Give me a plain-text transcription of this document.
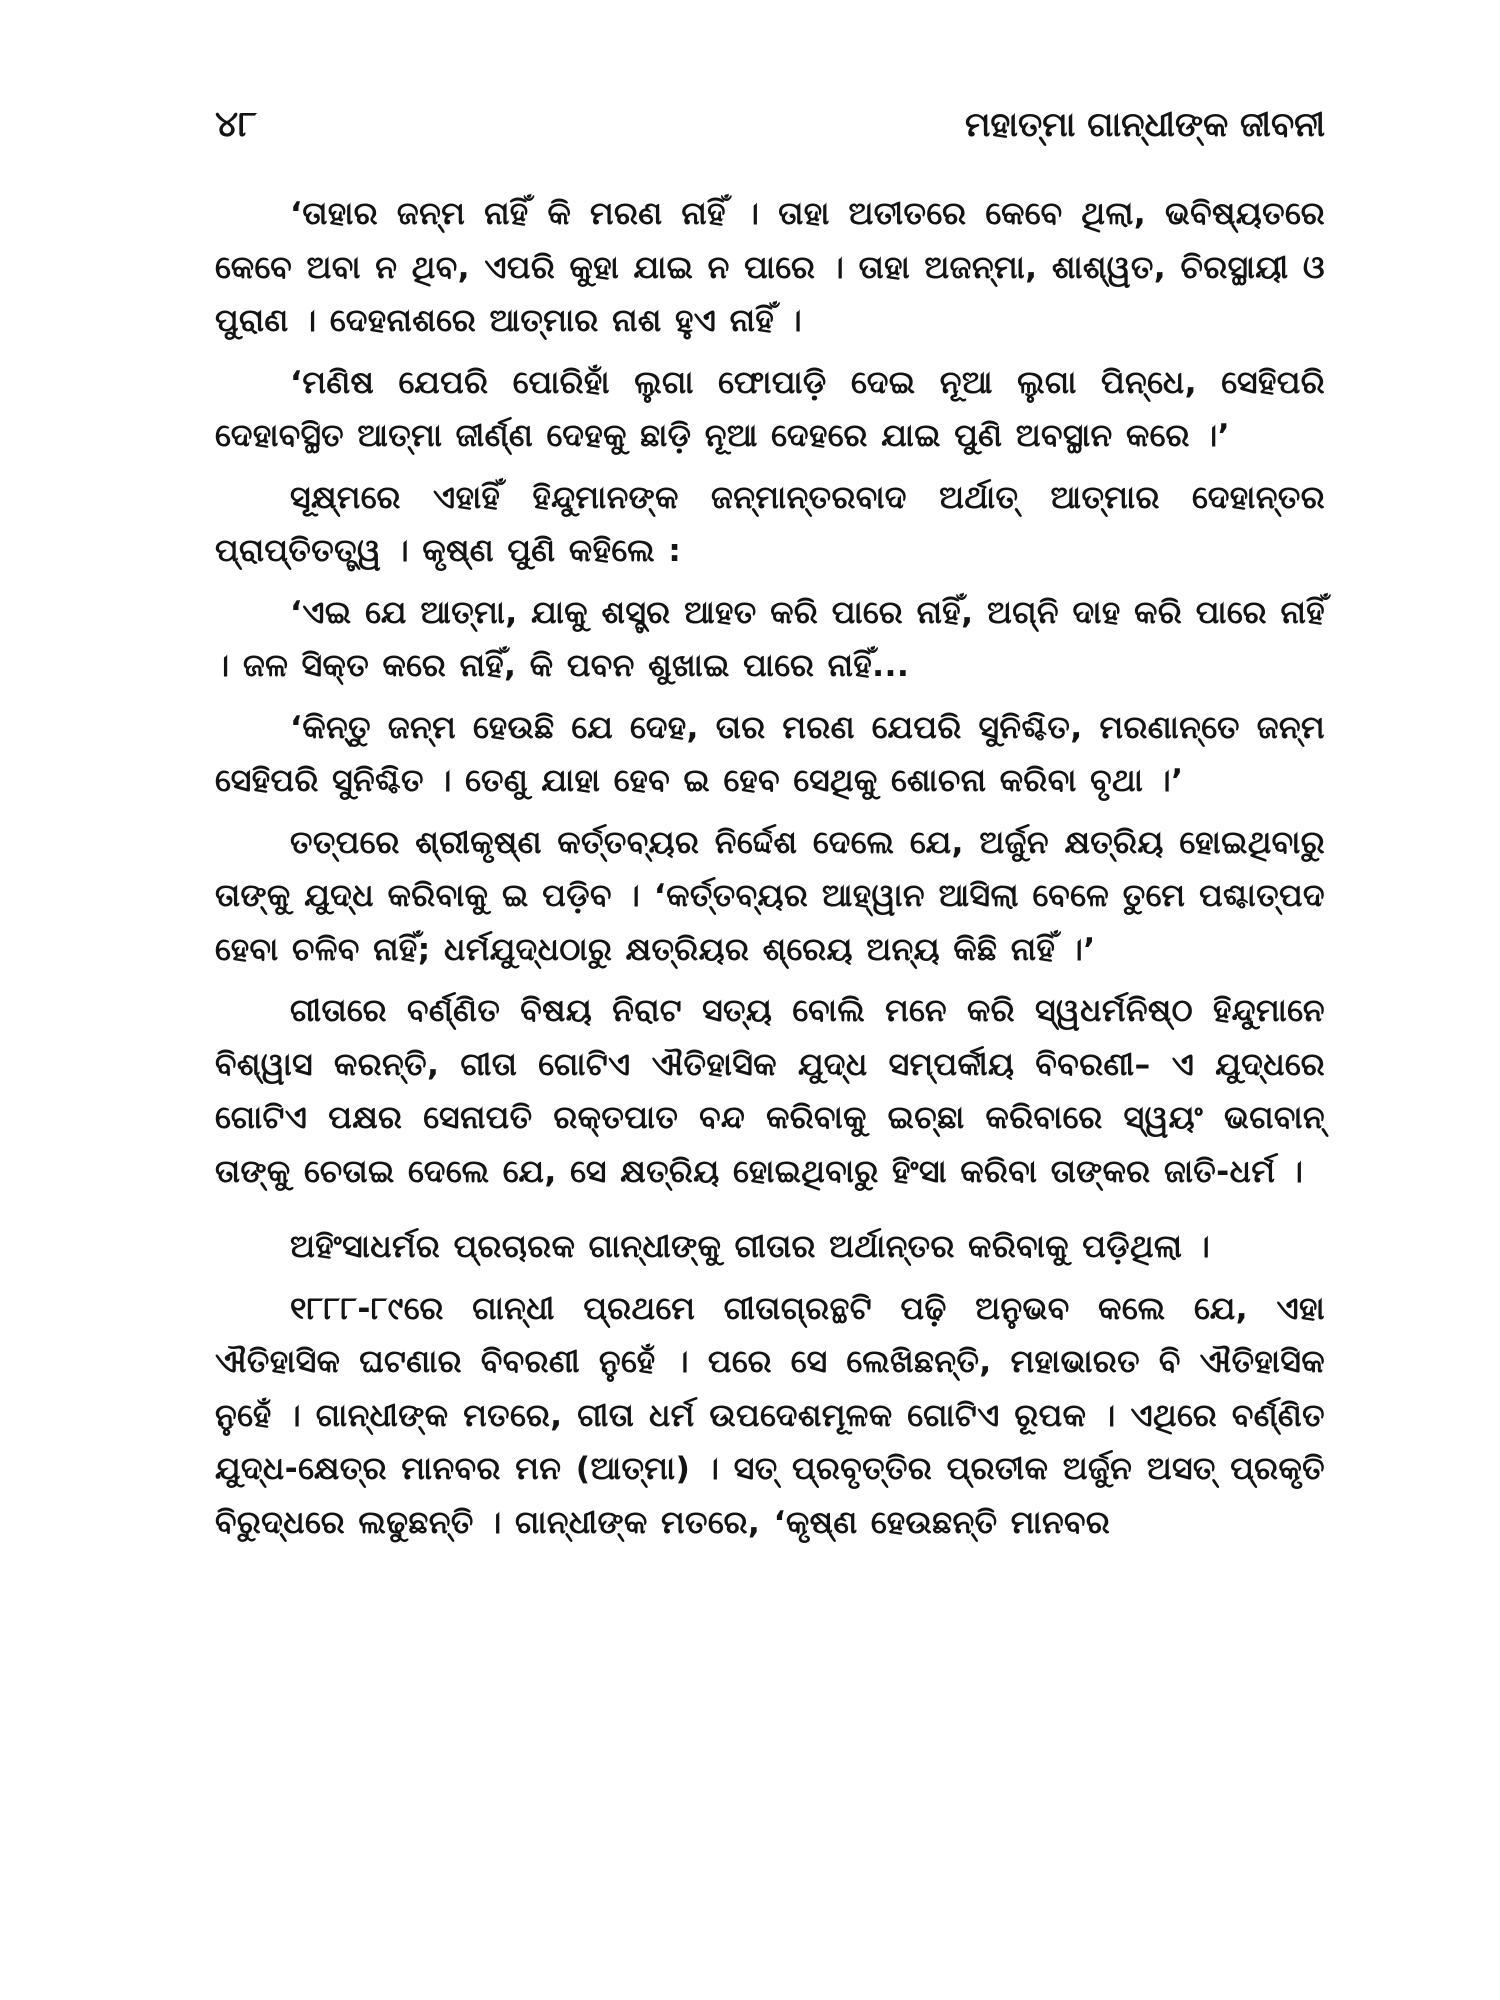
୪୮	ମହାତ୍ମା ଗାନ୍ଧୀଙ୍କ ଜୀବନୀ

‘ତାହାର ଜନ୍ମ ନାହିଁ କି ମରଣ ନାହିଁ । ତାହା ଅତୀତରେ କେବେ ଥିଲା, ଭବିଷ୍ୟତରେ କେବେ ଅବା ନ ଥିବ, ଏପରି କୁହା ଯାଇ ନ ପାରେ । ତାହା ଅଜନ୍ମା, ଶାଶ୍ୱତ, ଚିରସ୍ଥାୟୀ ଓ ପୁରାଣ । ଦେହନାଶରେ ଆତ୍ମାର ନାଶ ହୁଏ ନାହିଁ ।

‘ମଣିଷ ଯେପରି ପୋରିହାଁ ଲୁଗା ଫୋପାଡ଼ି ଦେଇ ନୂଆ ଲୁଗା ପିନ୍ଧେ, ସେହିପରି ଦେହାବସ୍ଥିତ ଆତ୍ମା ଜୀର୍ଣ୍ଣ ଦେହକୁ ଛାଡ଼ି ନୂଆ ଦେହରେ ଯାଇ ପୁଣି ଅବସ୍ଥାନ କରେ ।’

ସୂକ୍ଷ୍ମରେ ଏହାହିଁ ହିନ୍ଦୁମାନଙ୍କ ଜନ୍ମାନ୍ତରବାଦ ଅର୍ଥାତ୍ ଆତ୍ମାର ଦେହାନ୍ତର ପ୍ରାପ୍ତିତତ୍ତ୍ୱ । କୃଷ୍ଣ ପୁଣି କହିଲେ :

‘ଏଇ ଯେ ଆତ୍ମା, ଯାକୁ ଶସ୍ତ୍ର ଆହତ କରି ପାରେ ନାହିଁ, ଅଗ୍ନି ଦାହ କରି ପାରେ ନାହିଁ । ଜଳ ସିକ୍ତ କରେ ନାହିଁ, କି ପବନ ଶୁଖାଇ ପାରେ ନାହିଁ...

‘କିନ୍ତୁ ଜନ୍ମ ହେଉଛି ଯେ ଦେହ, ତାର ମରଣ ଯେପରି ସୁନିଶ୍ଚିତ, ମରଣାନ୍ତେ ଜନ୍ମ ସେହିପରି ସୁନିଶ୍ଚିତ । ତେଣୁ ଯାହା ହେବ ଇ ହେବ ସେଥିକୁ ଶୋଚନା କରିବା ବୃଥା ।’

ତତ୍ପରେ ଶ୍ରୀକୃଷ୍ଣ କର୍ତ୍ତବ୍ୟର ନିର୍ଦ୍ଦେଶ ଦେଲେ ଯେ, ଅର୍ଜୁନ କ୍ଷତ୍ରିୟ ହୋଇଥିବାରୁ ତାଙ୍କୁ ଯୁଦ୍ଧ କରିବାକୁ ଇ ପଡ଼ିବ । ‘କର୍ତ୍ତବ୍ୟର ଆହ୍ୱାନ ଆସିଲା ବେଳେ ତୁମେ ପଶ୍ଚାତ୍‌ପଦ ହେବା ଚଳିବ ନାହିଁ; ଧର୍ମଯୁଦ୍ଧଠାରୁ କ୍ଷତ୍ରିୟର ଶ୍ରେୟ ଅନ୍ୟ କିଛି ନାହିଁ ।’

ଗୀତାରେ ବର୍ଣ୍ଣିତ ବିଷୟ ନିରାଟ ସତ୍ୟ ବୋଲି ମନେ କରି ସ୍ୱଧର୍ମନିଷ୍ଠ ହିନ୍ଦୁମାନେ ବିଶ୍ୱାସ କରନ୍ତି, ଗୀତା ଗୋଟିଏ ଐତିହାସିକ ଯୁଦ୍ଧ ସମ୍ପର୍କୀୟ ବିବରଣୀ– ଏ ଯୁଦ୍ଧରେ ଗୋଟିଏ ପକ୍ଷର ସେନାପତି ରକ୍ତପାତ ବନ୍ଦ କରିବାକୁ ଇଚ୍ଛା କରିବାରେ ସ୍ୱୟଂ ଭଗବାନ୍ ତାଙ୍କୁ ଚେତାଇ ଦେଲେ ଯେ, ସେ କ୍ଷତ୍ରିୟ ହୋଇଥିବାରୁ ହିଂସା କରିବା ତାଙ୍କର ଜାତି-ଧର୍ମ ।

ଅହିଂସାଧର୍ମର ପ୍ରଚାରକ ଗାନ୍ଧୀଙ୍କୁ ଗୀତାର ଅର୍ଥାନ୍ତର କରିବାକୁ ପଡ଼ିଥିଲା ।

୧୮୮୮-୮୯ରେ ଗାନ୍ଧୀ ପ୍ରଥମେ ଗୀତାଗ୍ରନ୍ଥଟି ପଢ଼ି ଅନୁଭବ କଲେ ଯେ, ଏହା ଐତିହାସିକ ଘଟଣାର ବିବରଣୀ ନୁହେଁ । ପରେ ସେ ଲେଖିଛନ୍ତି, ମହାଭାରତ ବି ଐତିହାସିକ ନୁହେଁ । ଗାନ୍ଧୀଙ୍କ ମତରେ, ଗୀତା ଧର୍ମ ଉପଦେଶମୂଳକ ଗୋଟିଏ ରୂପକ । ଏଥିରେ ବର୍ଣ୍ଣିତ ଯୁଦ୍ଧ-କ୍ଷେତ୍ର ମାନବର ମନ (ଆତ୍ମା) । ସତ୍ ପ୍ରବୃତ୍ତିର ପ୍ରତୀକ ଅର୍ଜୁନ ଅସତ୍ ପ୍ରକୃତି ବିରୁଦ୍ଧରେ ଲଢୁଛନ୍ତି । ଗାନ୍ଧୀଙ୍କ ମତରେ, ‘କୃଷ୍ଣ ହେଉଛନ୍ତି ମାନବର
